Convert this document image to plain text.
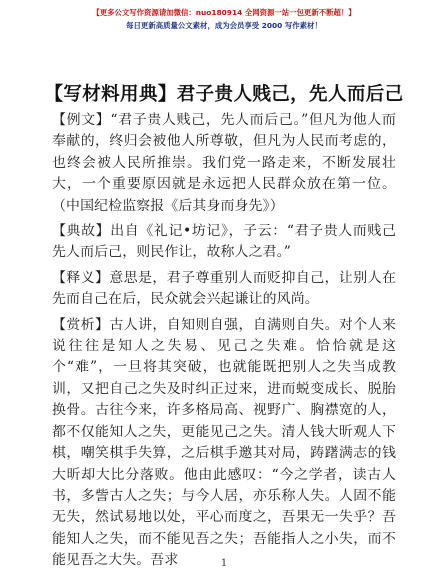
【更多公文写作资源请加微信：nuo180914 全网资源一站一包更新不断超！】
每日更新高质量公文素材，成为会员享受 2000 写作素材！
【写材料用典】君子贵人贱己，先人而后己

【例文】“君子贵人贱己，先人而后己。”但凡为他人而奉献的，终归会被他人所尊敬，但凡为人民而考虑的，也终会被人民所推崇。我们党一路走来，不断发展壮大，一个重要原因就是永远把人民群众放在第一位。（中国纪检监察报《后其身而身先》）

【典故】出自《礼记•坊记》，子云：“君子贵人而贱己先人而后己，则民作让，故称人之君。”

【释义】意思是，君子尊重别人而贬抑自己，让别人在先而自己在后，民众就会兴起谦让的风尚。

【赏析】古人讲，自知则自强，自满则自失。对个人来说往往是知人之失易、见己之失难。恰恰就是这个“难”，一旦将其突破，也就能既把别人之失当成教训，又把自己之失及时纠正过来，进而蜕变成长、脱胎换骨。古往今来，许多格局高、视野广、胸襟宽的人，都不仅能知人之失，更能见己之失。清人钱大昕观人下棋，嘲笑棋手失算，之后棋手邀其对局，踌躇满志的钱大昕却大比分落败。他由此感叹：“今之学者，读古人书，多訾古人之失；与今人居，亦乐称人失。人固不能无失，然试易地以处，平心而度之，吾果无一失乎？吾能知人之失，而不能见吾之失；吾能指人之小失，而不能见吾之大失。吾求	1
